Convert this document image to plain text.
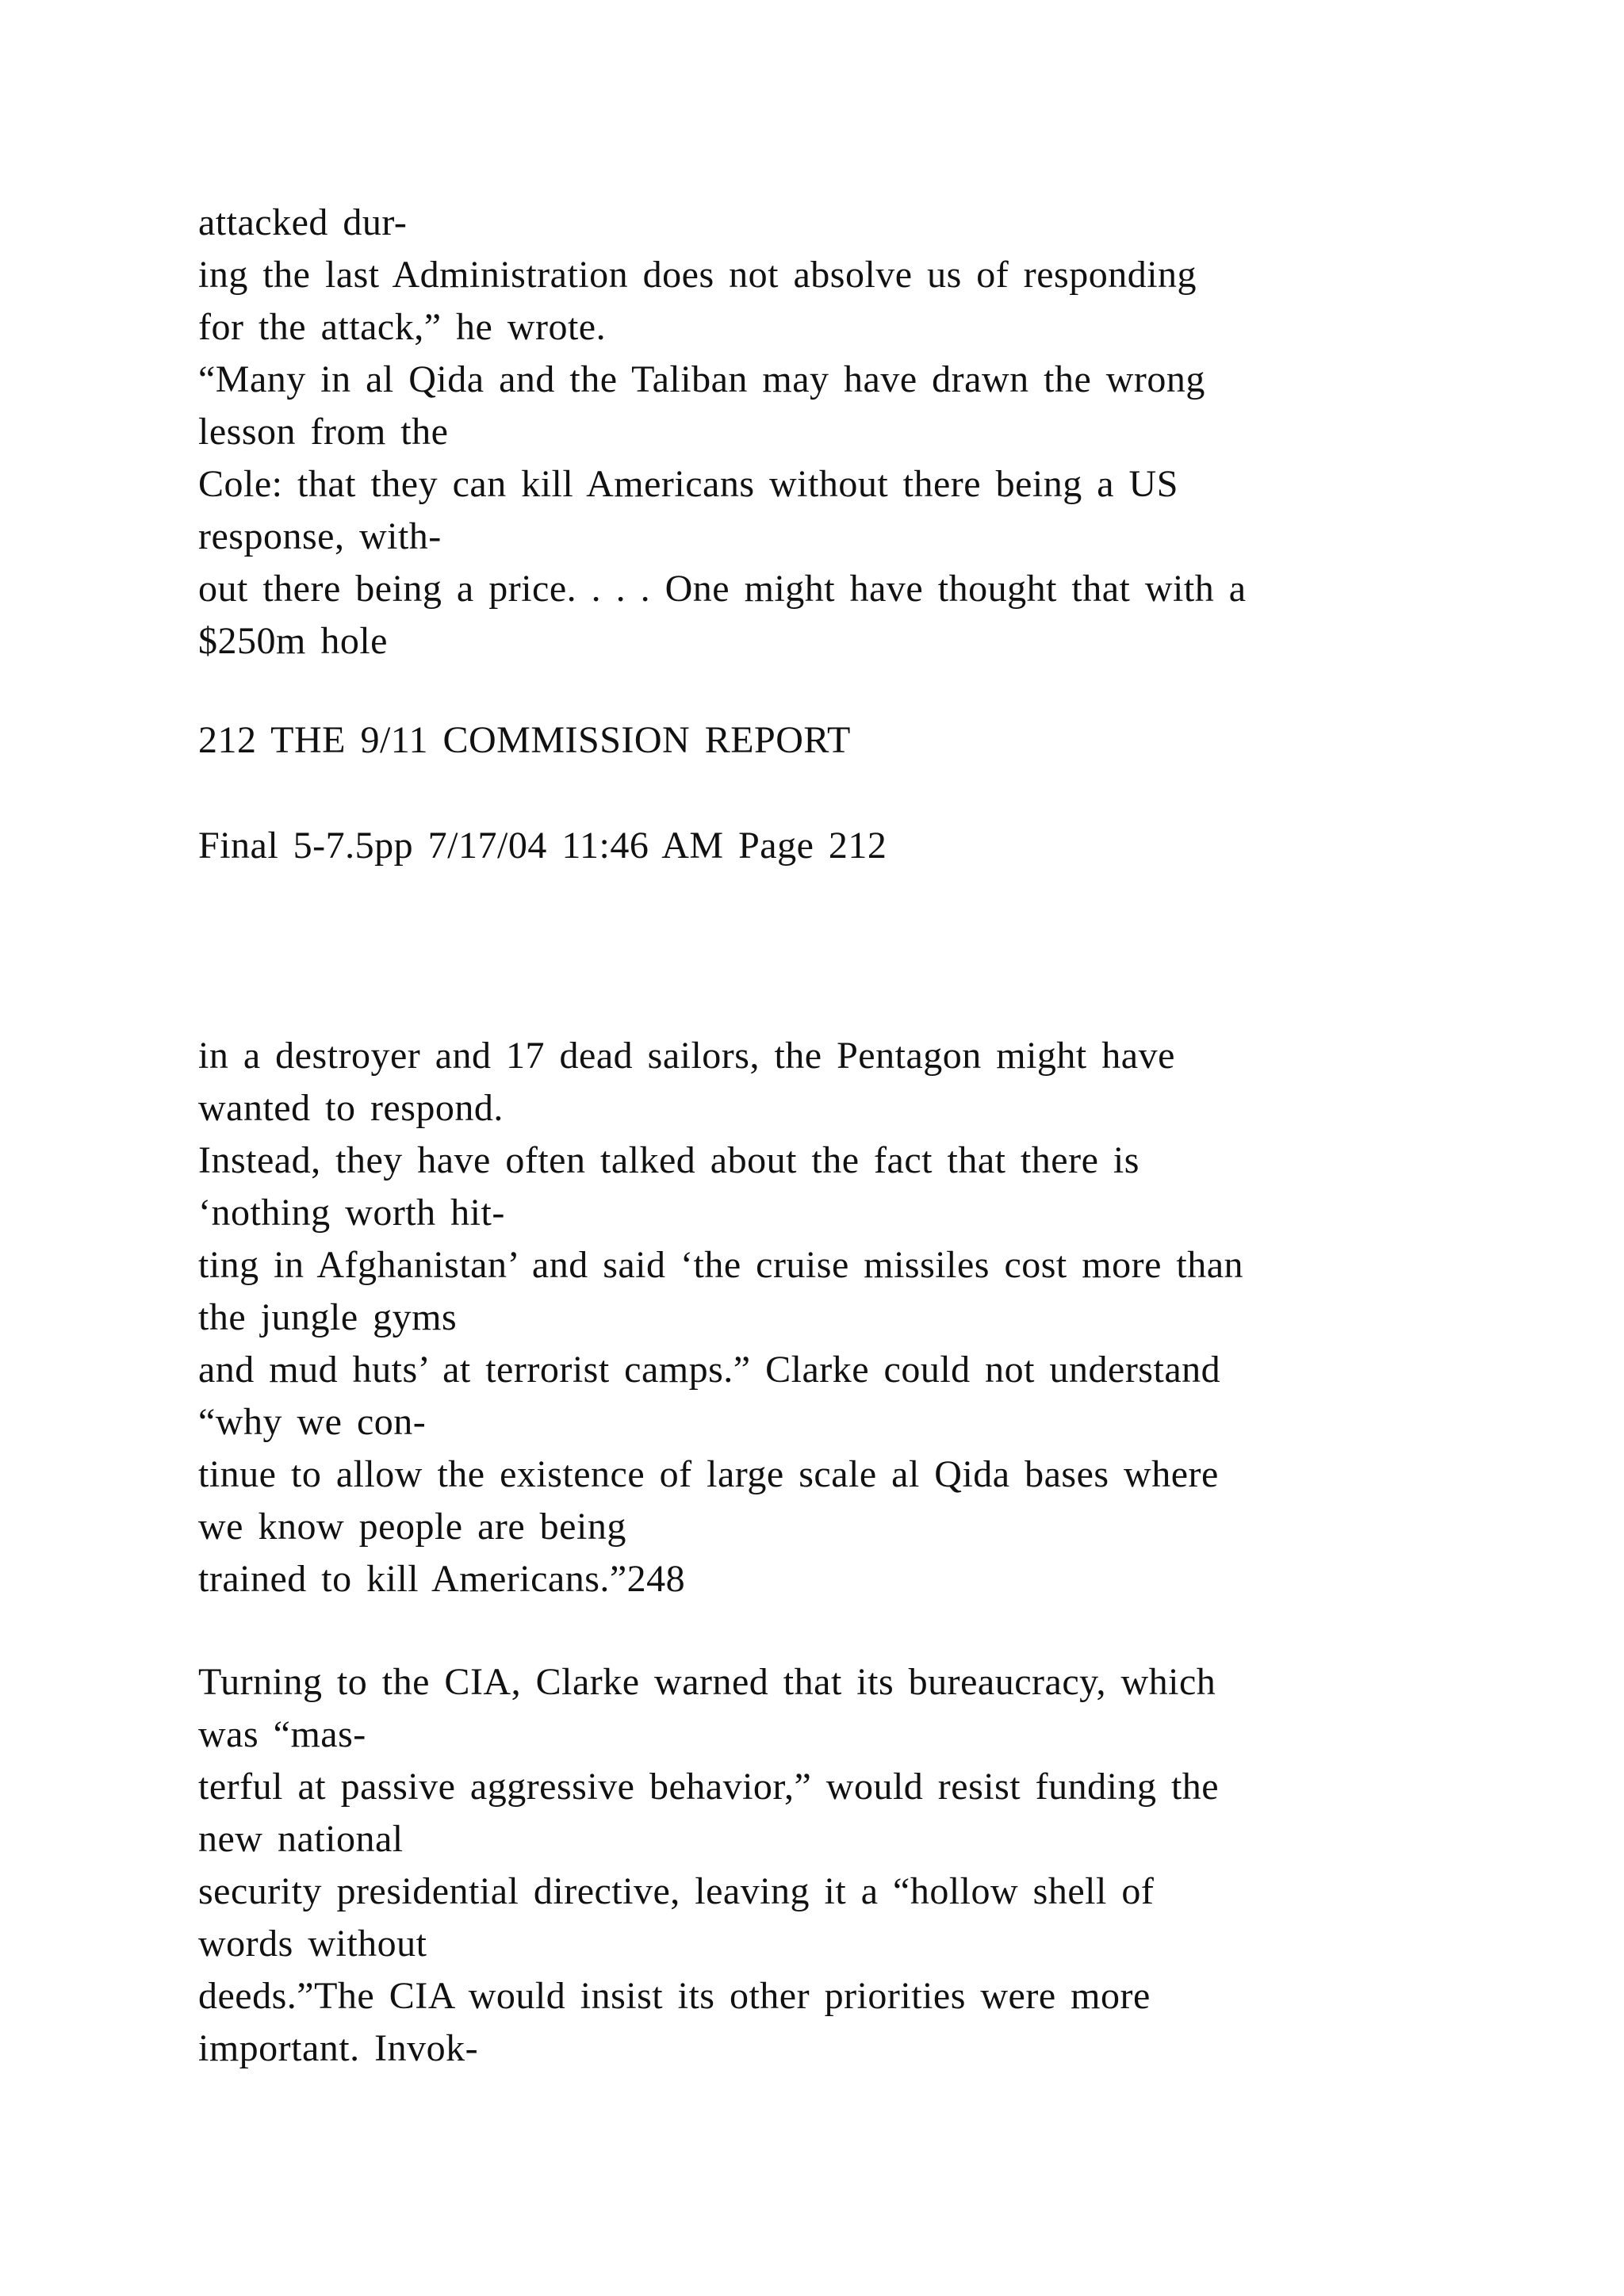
attacked dur-
ing the last Administration does not absolve us of responding
for the attack,” he wrote.
“Many in al Qida and the Taliban may have drawn the wrong
lesson from the
Cole: that they can kill Americans without there being a US
response, with-
out there being a price. . . . One might have thought that with a
$250m hole
212 THE 9/11 COMMISSION REPORT
Final 5-7.5pp 7/17/04 11:46 AM Page 212
in a destroyer and 17 dead sailors, the Pentagon might have
wanted to respond.
Instead, they have often talked about the fact that there is
‘nothing worth hit-
ting in Afghanistan’ and said ‘the cruise missiles cost more than
the jungle gyms
and mud huts’ at terrorist camps.” Clarke could not understand
“why we con-
tinue to allow the existence of large scale al Qida bases where
we know people are being
trained to kill Americans.”248
Turning to the CIA, Clarke warned that its bureaucracy, which
was “mas-
terful at passive aggressive behavior,” would resist funding the
new national
security presidential directive, leaving it a “hollow shell of
words without
deeds.”The CIA would insist its other priorities were more
important. Invok-
